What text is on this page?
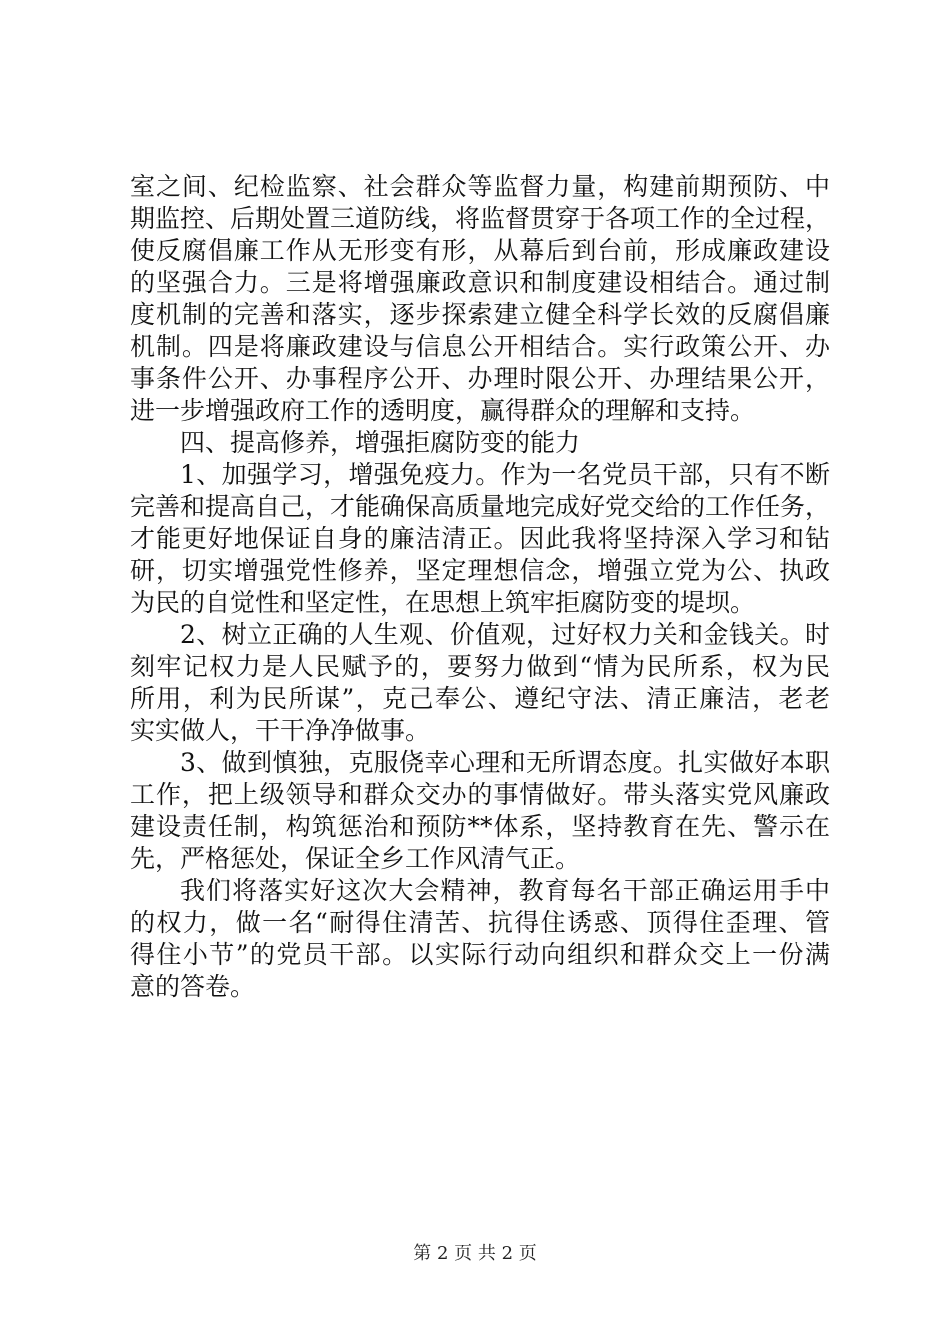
室之间、纪检监察、社会群众等监督力量，构建前期预防、中
期监控、后期处置三道防线，将监督贯穿于各项工作的全过程，
使反腐倡廉工作从无形变有形，从幕后到台前，形成廉政建设
的坚强合力。三是将增强廉政意识和制度建设相结合。通过制
度机制的完善和落实，逐步探索建立健全科学长效的反腐倡廉
机制。四是将廉政建设与信息公开相结合。实行政策公开、办
事条件公开、办事程序公开、办理时限公开、办理结果公开，
进一步增强政府工作的透明度，赢得群众的理解和支持。
四、提高修养，增强拒腐防变的能力
1、加强学习，增强免疫力。作为一名党员干部，只有不断
完善和提高自己，才能确保高质量地完成好党交给的工作任务，
才能更好地保证自身的廉洁清正。因此我将坚持深入学习和钻
研，切实增强党性修养，坚定理想信念，增强立党为公、执政
为民的自觉性和坚定性，在思想上筑牢拒腐防变的堤坝。
2、树立正确的人生观、价值观，过好权力关和金钱关。时
刻牢记权力是人民赋予的，要努力做到“情为民所系，权为民
所用，利为民所谋”，克己奉公、遵纪守法、清正廉洁，老老
实实做人，干干净净做事。
3、做到慎独，克服侥幸心理和无所谓态度。扎实做好本职
工作，把上级领导和群众交办的事情做好。带头落实党风廉政
建设责任制，构筑惩治和预防**体系，坚持教育在先、警示在
先，严格惩处，保证全乡工作风清气正。
我们将落实好这次大会精神，教育每名干部正确运用手中
的权力，做一名“耐得住清苦、抗得住诱惑、顶得住歪理、管
得住小节”的党员干部。以实际行动向组织和群众交上一份满
意的答卷。
第 2 页 共 2 页
